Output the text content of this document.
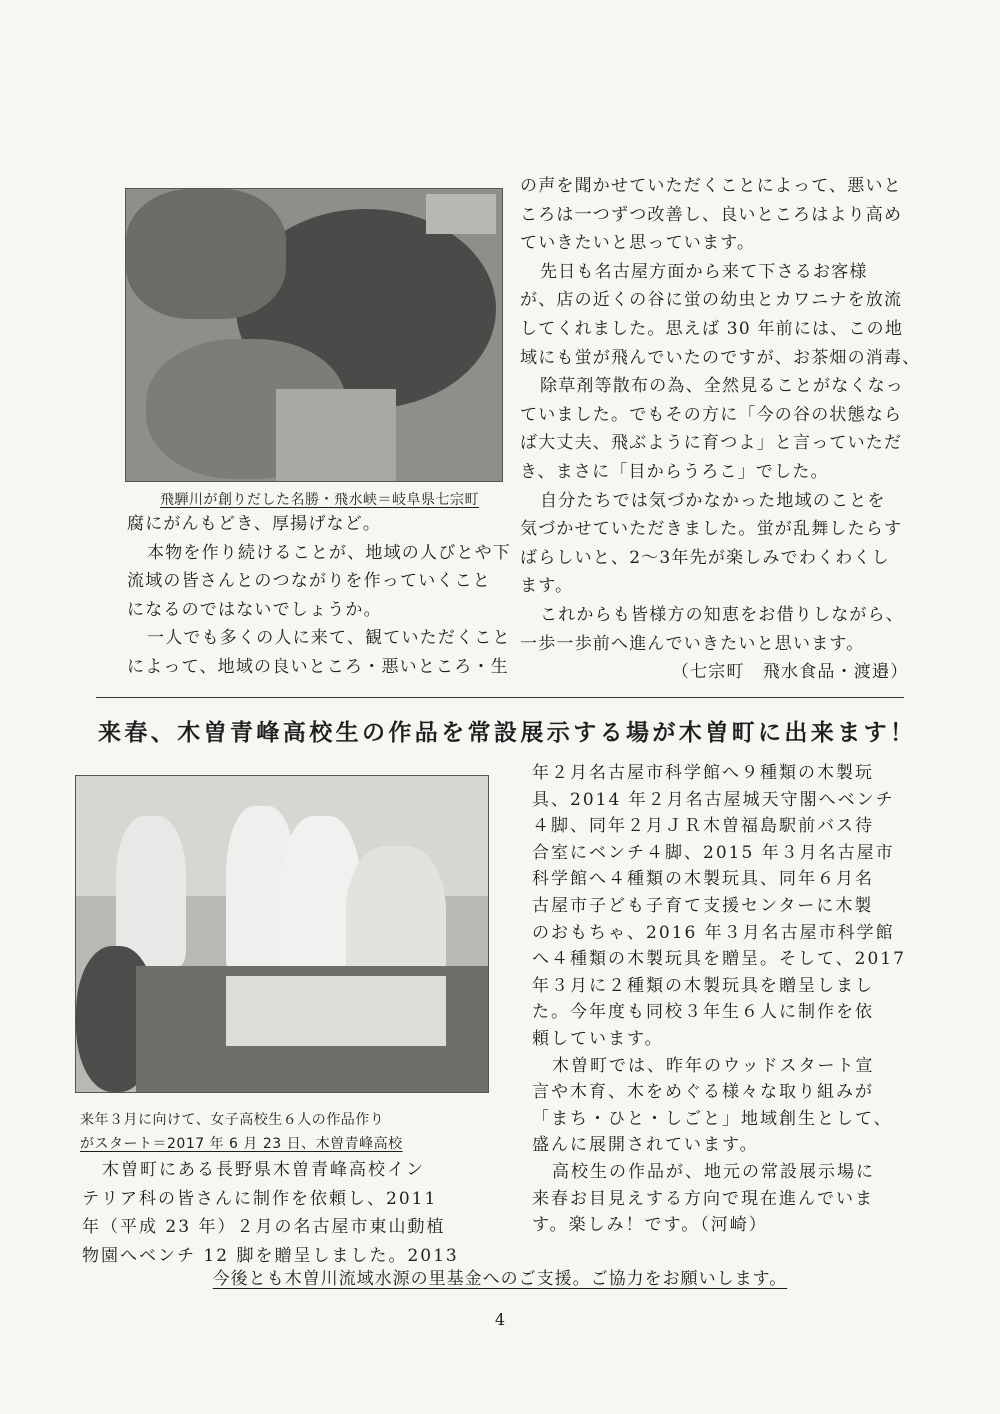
飛騨川が創りだした名勝・飛水峡＝岐阜県七宗町

腐にがんもどき、厚揚げなど。

本物を作り続けることが、地域の人びとや下

流域の皆さんとのつながりを作っていくこと

になるのではないでしょうか。

一人でも多くの人に来て、観ていただくこと

によって、地域の良いところ・悪いところ・生

の声を聞かせていただくことによって、悪いと

ころは一つずつ改善し、良いところはより高め

ていきたいと思っています。

先日も名古屋方面から来て下さるお客様

が、店の近くの谷に蛍の幼虫とカワニナを放流

してくれました。思えば 30 年前には、この地

域にも蛍が飛んでいたのですが、お茶畑の消毒、

除草剤等散布の為、全然見ることがなくなっ

ていました。でもその方に「今の谷の状態なら

ば大丈夫、飛ぶように育つよ」と言っていただ

き、まさに「目からうろこ」でした。

自分たちでは気づかなかった地域のことを

気づかせていただきました。蛍が乱舞したらす

ばらしいと、2〜3年先が楽しみでわくわくし

ます。

これからも皆様方の知恵をお借りしながら、

一歩一歩前へ進んでいきたいと思います。

（七宗町　飛水食品・渡邉）

来春、木曽青峰高校生の作品を常設展示する場が木曽町に出来ます！
来年３月に向けて、女子高校生６人の作品作り
がスタート＝2017 年 6 月 23 日、木曽青峰高校

木曽町にある長野県木曽青峰高校イン

テリア科の皆さんに制作を依頼し、2011

年（平成 23 年）２月の名古屋市東山動植

物園へベンチ 12 脚を贈呈しました。2013

年２月名古屋市科学館へ９種類の木製玩

具、2014 年２月名古屋城天守閣へベンチ

４脚、同年２月ＪＲ木曽福島駅前バス待

合室にベンチ４脚、2015 年３月名古屋市

科学館へ４種類の木製玩具、同年６月名

古屋市子ども子育て支援センターに木製

のおもちゃ、2016 年３月名古屋市科学館

へ４種類の木製玩具を贈呈。そして、2017

年３月に２種類の木製玩具を贈呈しまし

た。今年度も同校３年生６人に制作を依

頼しています。

木曽町では、昨年のウッドスタート宣

言や木育、木をめぐる様々な取り組みが

「まち・ひと・しごと」地域創生として、

盛んに展開されています。

高校生の作品が、地元の常設展示場に

来春お目見えする方向で現在進んでいま

す。楽しみ！です。（河崎）

今後とも木曽川流域水源の里基金へのご支援。ご協力をお願いします。
4
